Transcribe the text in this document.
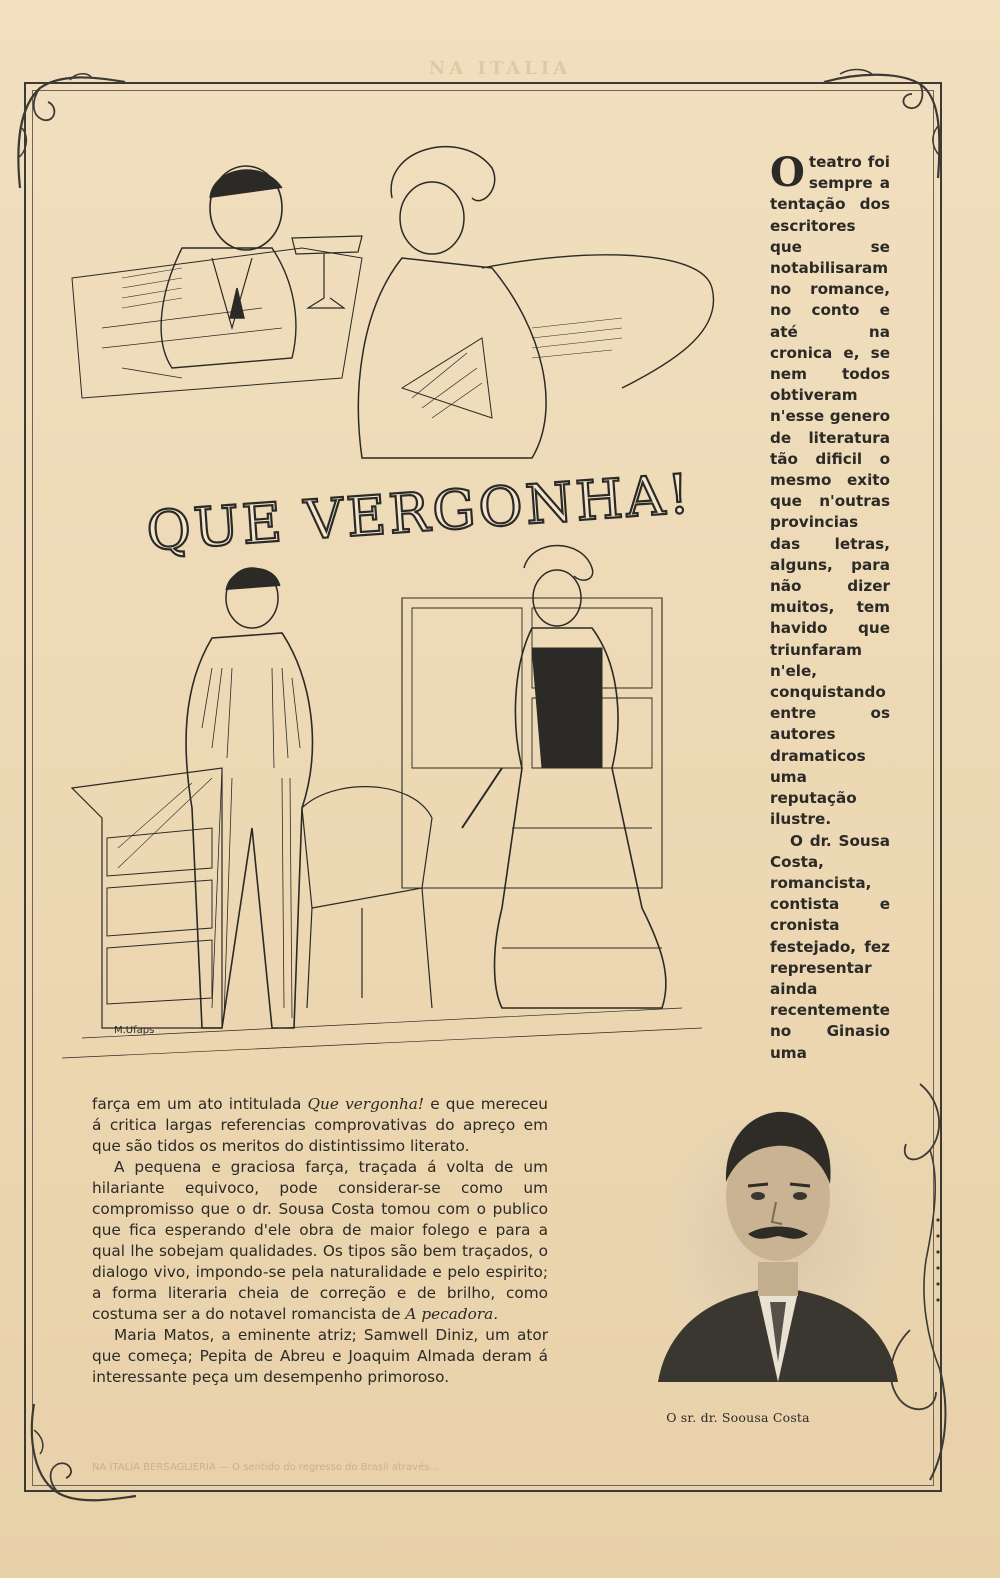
NA ITALIA
QUE VERGONHA!
M.Ufaps

O teatro foi sempre a tentação dos escritores que se notabilisaram no romance, no conto e até na cronica e, se nem todos obtiveram n'esse genero de literatura tão dificil o mesmo exito que n'outras provincias das letras, alguns, para não dizer muitos, tem havido que triunfaram n'ele, conquistando entre os autores dramaticos uma reputação ilustre.

O dr. Sousa Costa, romancista, contista e cronista festejado, fez representar ainda recentemente no Ginasio uma

farça em um ato intitulada Que vergonha! e que mereceu á critica largas referencias comprovativas do apreço em que são tidos os meritos do distintissimo literato.

A pequena e graciosa farça, traçada á volta de um hilariante equivoco, pode considerar-se como um compromisso que o dr. Sousa Costa tomou com o publico que fica esperando d'ele obra de maior folego e para a qual lhe sobejam qualidades. Os tipos são bem traçados, o dialogo vivo, impondo-se pela naturalidade e pelo espirito; a forma literaria cheia de correção e de brilho, como costuma ser a do notavel romancista de A pecadora.

Maria Matos, a eminente atriz; Samwell Diniz, um ator que começa; Pepita de Abreu e Joaquim Almada deram á interessante peça um desempenho primoroso.

O sr. dr. Soousa Costa
NA ITALIA BERSAGLIERIA — O sentido do regresso do Brasil através...
